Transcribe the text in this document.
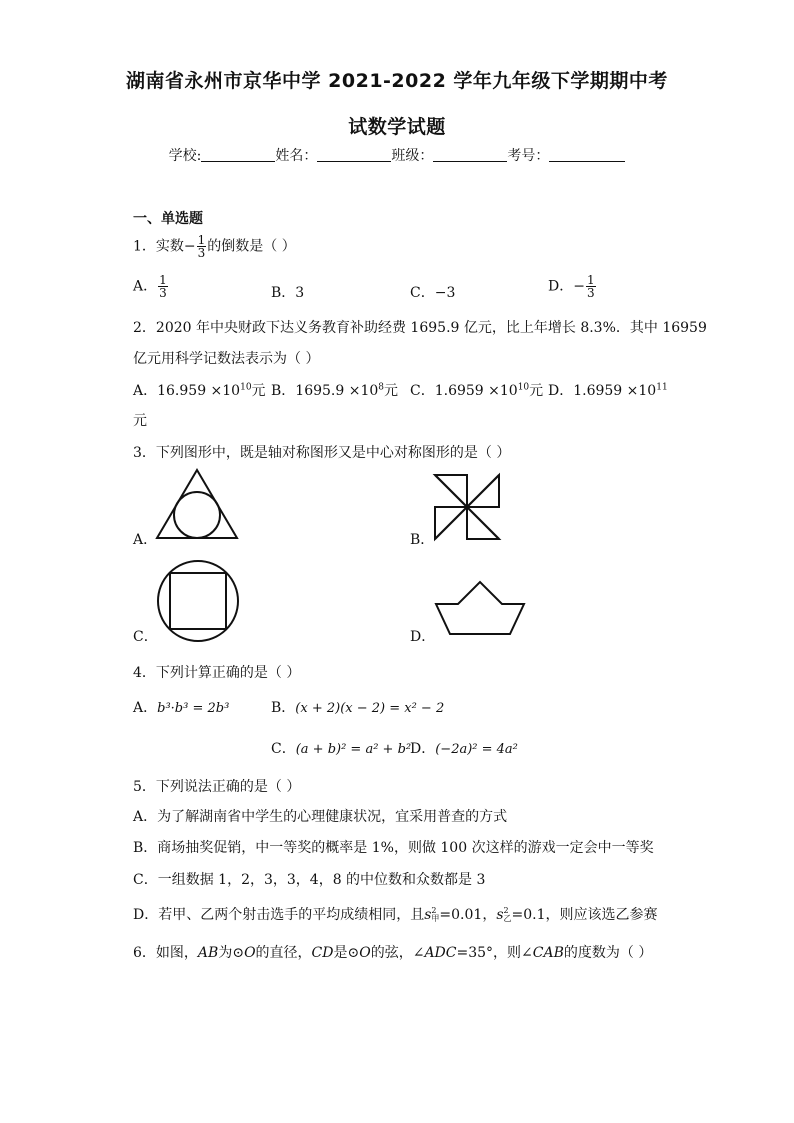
湖南省永州市京华中学 2021-2022 学年九年级下学期期中考
试数学试题
学校:	姓名：	班级：	考号：
一、单选题
1．实数− $\frac{1}{3}$ 的倒数是（ ）
A． $\frac{1}{3}$	B．3	C．−3	D．− $\frac{1}{3}$
2．2020 年中央财政下达义务教育补助经费 1695.9 亿元，比上年增长 8.3%．其中 16959
亿元用科学记数法表示为（ ）
A．$16.959 \times 10^{10}$元 B．$1695.9 \times 10^8$元 C．$1.6959 \times 10^{10}$元 D．$1.6959 \times 10^{11}$
元
3．下列图形中，既是轴对称图形又是中心对称图形的是（ ）
A．	B．
C．	D．
4．下列计算正确的是（ ）
A．b³·b³ = 2b³	B．(x + 2)(x − 2) = x² − 2
C．(a + b)² = a² + b²
D．(−2a)² = 4a²
5．下列说法正确的是（ ）
A．为了解湖南省中学生的心理健康状况，宜采用普查的方式
B．商场抽奖促销，中一等奖的概率是 1%，则做 100 次这样的游戏一定会中一等奖
C．一组数据 1，2，3，3，4，8 的中位数和众数都是 3
D．若甲、乙两个射击选手的平均成绩相同，且s 2
甲 =0.01，s 2
乙 =0.1，则应该选乙参赛
6．如图，AB为⊙O的直径，CD是⊙O的弦，∠ADC=35°，则∠CAB的度数为（ ）
